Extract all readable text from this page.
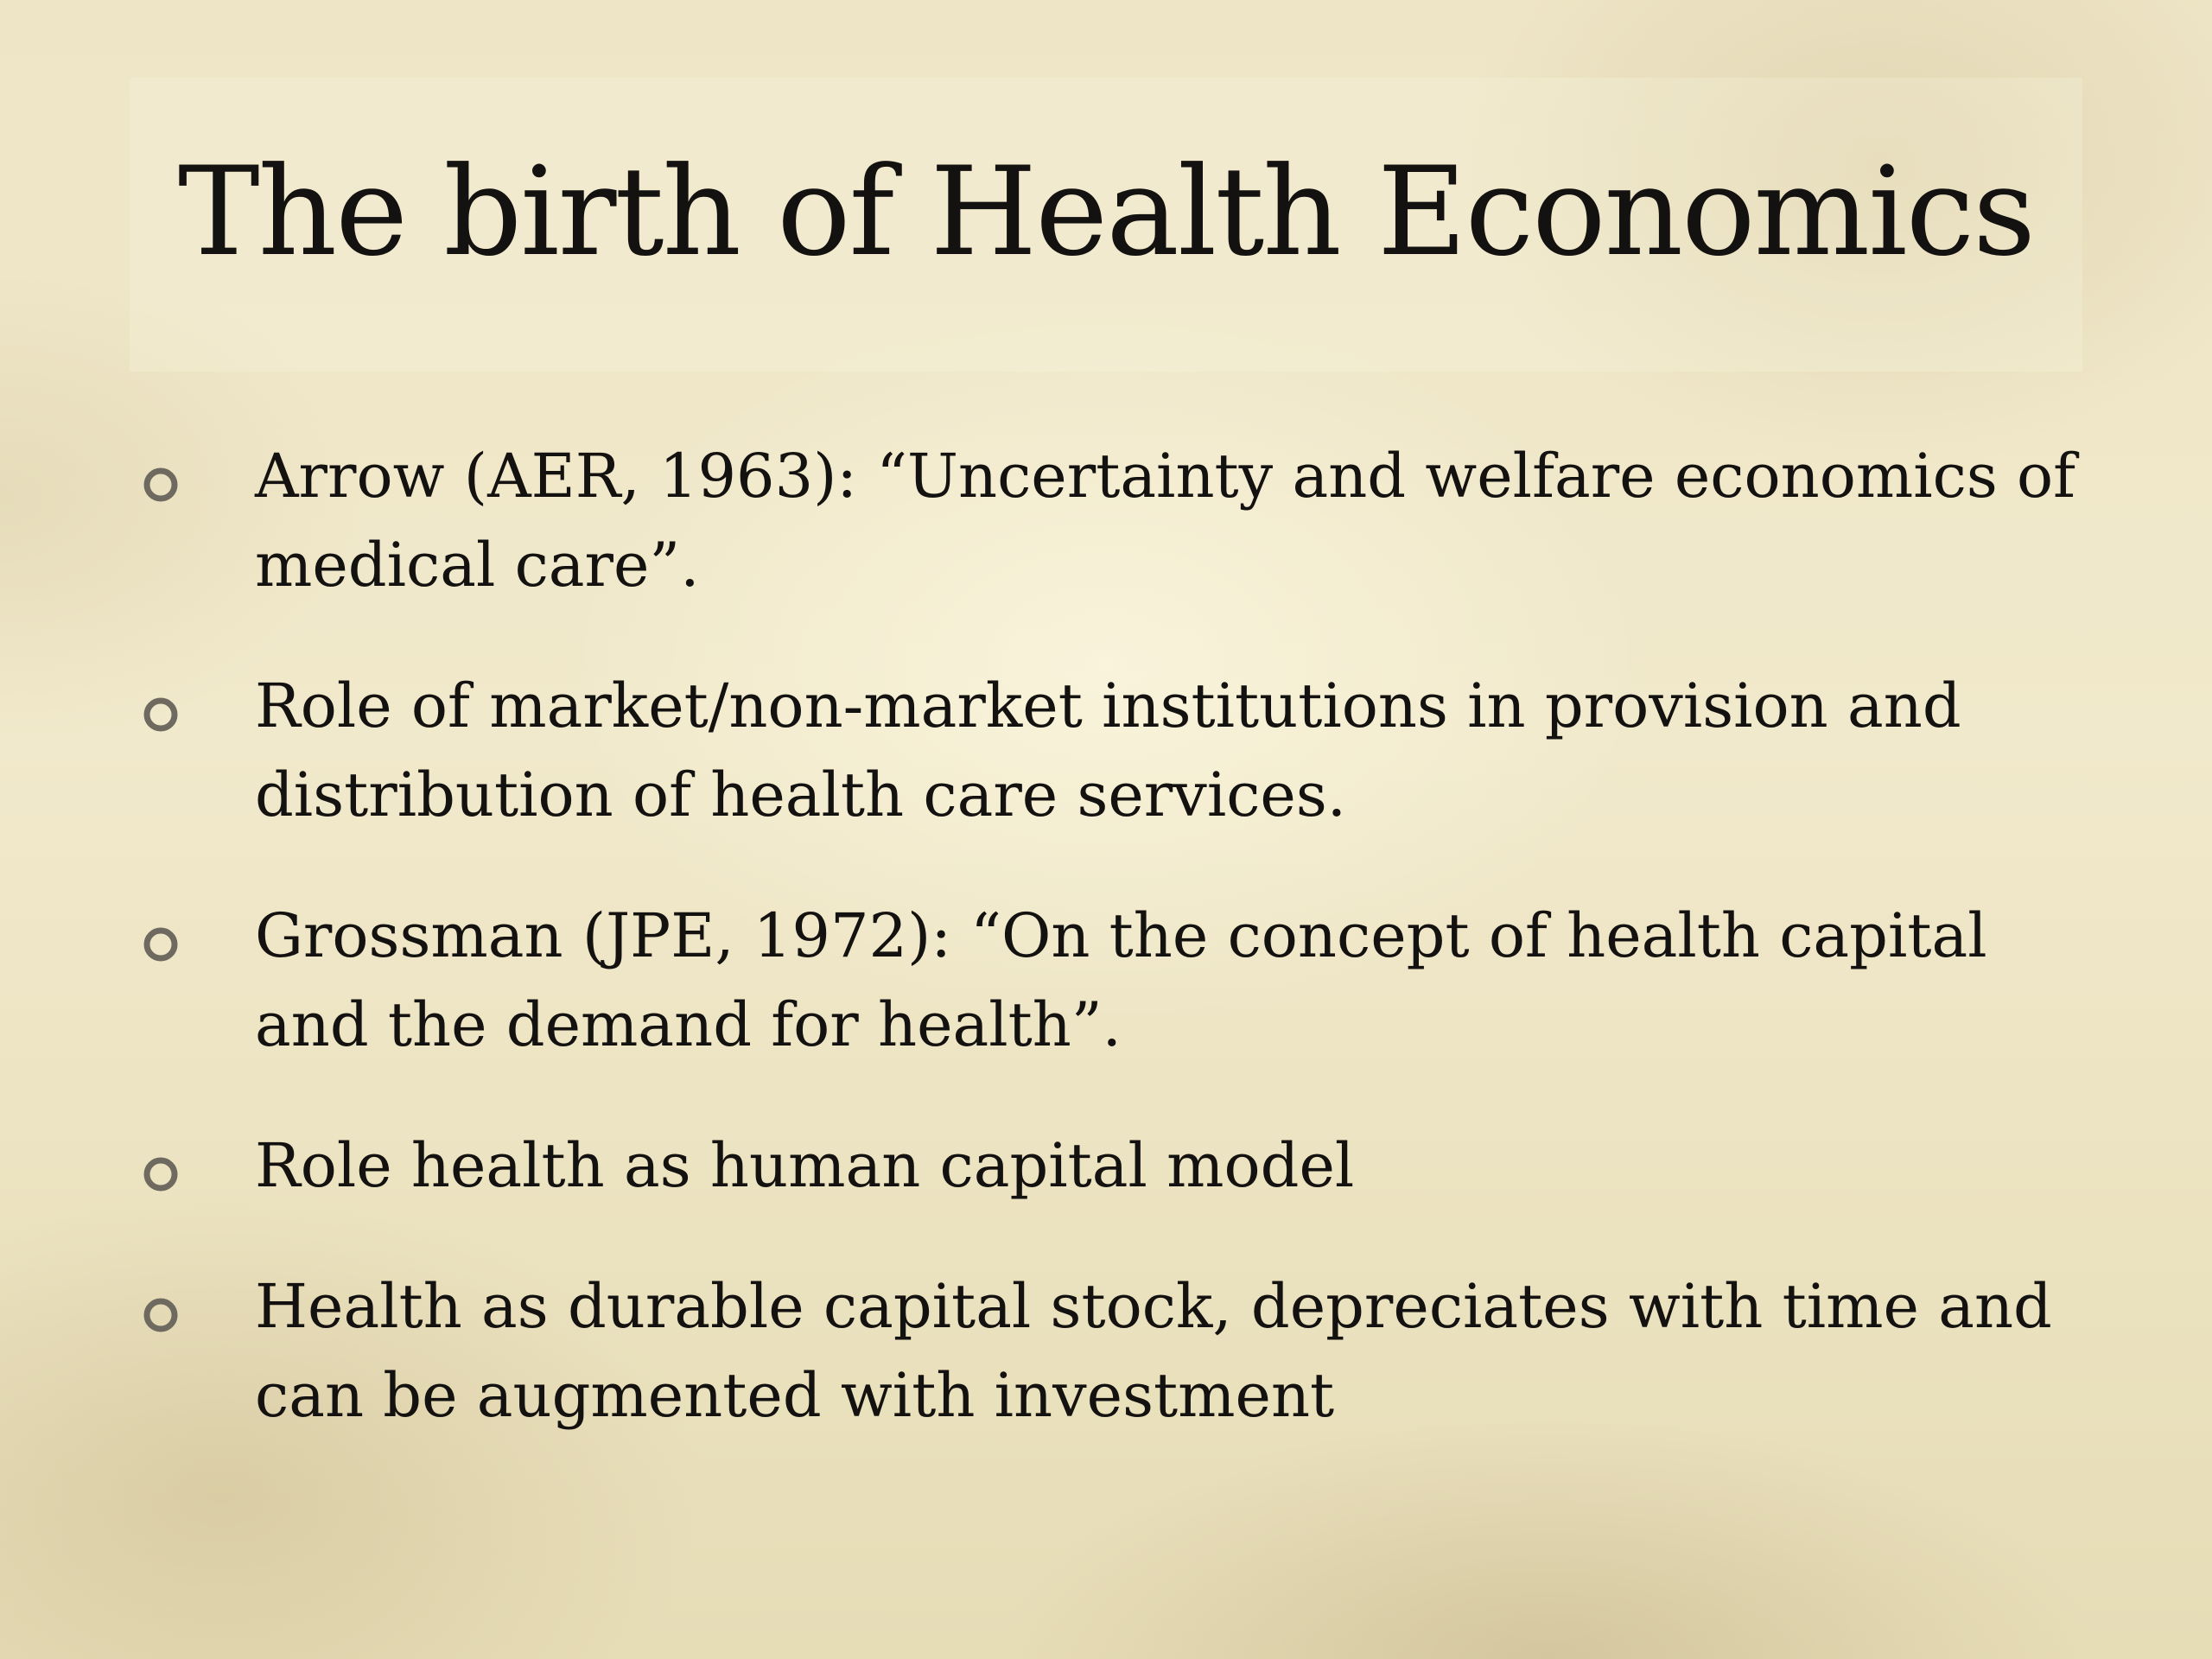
The birth of Health Economics
Arrow (AER, 1963): “Uncertainty and welfare economics of medical care”.
Role of market/non-market institutions in provision and distribution of health care services.
Grossman (JPE, 1972): “On the concept of health capital and the demand for health”.
Role health as human capital model
Health as durable capital stock, depreciates with time and can be augmented with investment
